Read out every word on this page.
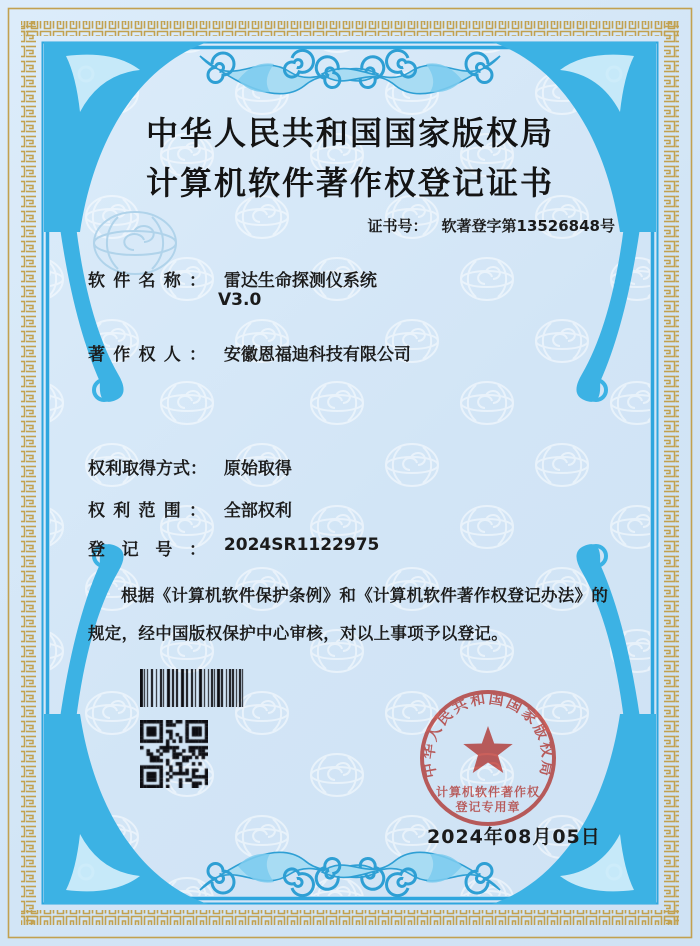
中华人民共和国国家版权局
计算机软件著作权登记证书
证书号： 软著登字第13526848号
软件名称： 雷达生命探测仪系统
V3.0
著作权人： 安徽恩福迪科技有限公司
权利取得方式： 原始取得
权利范围： 全部权利
登记号： 2024SR1122975
根据《计算机软件保护条例》和《计算机软件著作权登记办法》的
规定，经中国版权保护中心审核，对以上事项予以登记。
中华人民共和国国家版权局
计算机软件著作权
登记专用章
2024年08月05日
